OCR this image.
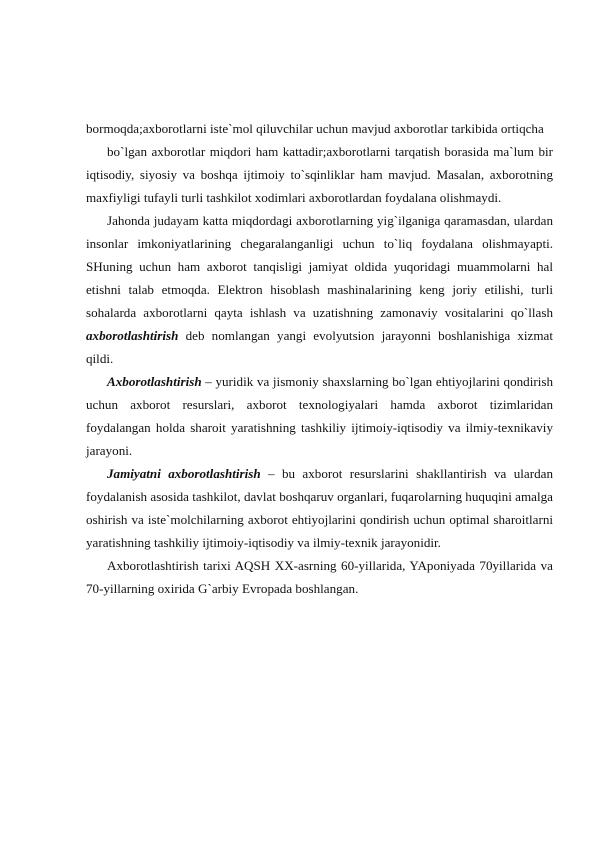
bormoqda;axborotlarni iste`mol qiluvchilar uchun mavjud axborotlar tarkibida ortiqcha

bo`lgan axborotlar miqdori ham kattadir;axborotlarni tarqatish borasida ma`lum bir iqtisodiy, siyosiy va boshqa ijtimoiy to`sqinliklar ham mavjud. Masalan, axborotning maxfiyligi tufayli turli tashkilot xodimlari axborotlardan foydalana olishmaydi.

Jahonda judayam katta miqdordagi axborotlarning yig`ilganiga qaramasdan, ulardan insonlar imkoniyatlarining chegaralanganligi uchun to`liq foydalana olishmayapti. SHuning uchun ham axborot tanqisligi jamiyat oldida yuqoridagi muammolarni hal etishni talab etmoqda. Elektron hisoblash mashinalarining keng joriy etilishi, turli sohalarda axborotlarni qayta ishlash va uzatishning zamonaviy vositalarini qo`llash axborotlashtirish deb nomlangan yangi evolyutsion jarayonni boshlanishiga xizmat qildi.

Axborotlashtirish – yuridik va jismoniy shaxslarning bo`lgan ehtiyojlarini qondirish uchun axborot resurslari, axborot texnologiyalari hamda axborot tizimlaridan foydalangan holda sharoit yaratishning tashkiliy ijtimoiy-iqtisodiy va ilmiy-texnikaviy jarayoni.

Jamiyatni axborotlashtirish – bu axborot resurslarini shakllantirish va ulardan foydalanish asosida tashkilot, davlat boshqaruv organlari, fuqarolarning huquqini amalga oshirish va iste`molchilarning axborot ehtiyojlarini qondirish uchun optimal sharoitlarni yaratishning tashkiliy ijtimoiy-iqtisodiy va ilmiy-texnik jarayonidir.

Axborotlashtirish tarixi AQSH XX-asrning 60-yillarida, YAponiyada 70yillarida va 70-yillarning oxirida G`arbiy Evropada boshlangan.
